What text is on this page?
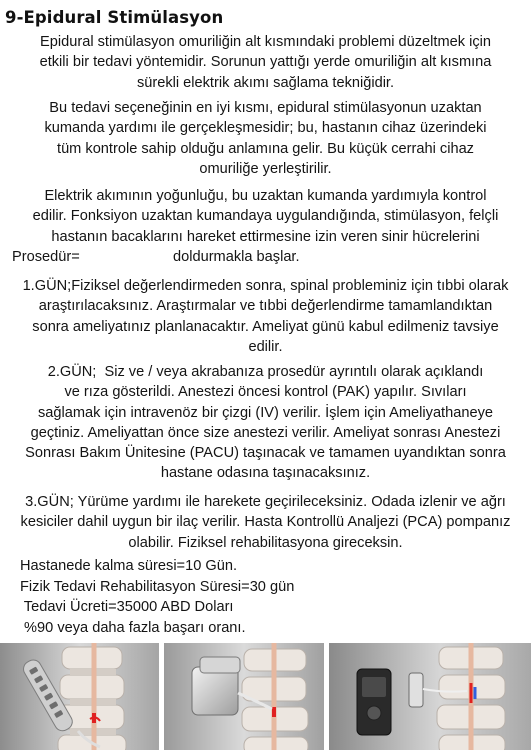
9-Epidural Stimülasyon
Epidural stimülasyon omuriliğin alt kısmındaki problemi düzeltmek için
etkili bir tedavi yöntemidir. Sorunun yattığı yerde omuriliğin alt kısmına
sürekli elektrik akımı sağlama tekniğidir.
Bu tedavi seçeneğinin en iyi kısmı, epidural stimülasyonun uzaktan
kumanda yardımı ile gerçekleşmesidir; bu, hastanın cihaz üzerindeki
tüm kontrole sahip olduğu anlamına gelir. Bu küçük cerrahi cihaz
omuriliğe yerleştirilir.
Elektrik akımının yoğunluğu, bu uzaktan kumanda yardımıyla kontrol
edilir. Fonksiyon uzaktan kumandaya uygulandığında, stimülasyon, felçli
hastanın bacaklarını hareket ettirmesine izin veren sinir hücrelerini
Prosedür=                       doldurmakla başlar.
1.GÜN;Fiziksel değerlendirmeden sonra, spinal probleminiz için tıbbi olarak
araştırılacaksınız. Araştırmalar ve tıbbi değerlendirme tamamlandıktan
sonra ameliyatınız planlanacaktır. Ameliyat günü kabul edilmeniz tavsiye
edilir.
2.GÜN;  Siz ve / veya akrabanıza prosedür ayrıntılı olarak açıklandı
ve rıza gösterildi. Anestezi öncesi kontrol (PAK) yapılır. Sıvıları
sağlamak için intravenöz bir çizgi (IV) verilir. İşlem için Ameliyathaneye
geçtiniz. Ameliyattan önce size anestezi verilir. Ameliyat sonrası Anestezi
Sonrası Bakım Ünitesine (PACU) taşınacak ve tamamen uyandıktan sonra
hastane odasına taşınacaksınız.
3.GÜN; Yürüme yardımı ile harekete geçirileceksiniz. Odada izlenir ve ağrı
kesiciler dahil uygun bir ilaç verilir. Hasta Kontrollü Analjezi (PCA) pompanız
olabilir. Fiziksel rehabilitasyona gireceksin.
Hastanede kalma süresi=10 Gün.
Fizik Tedavi Rehabilitasyon Süresi=30 gün
Tedavi Ücreti=35000 ABD Doları
%90 veya daha fazla başarı oranı.
